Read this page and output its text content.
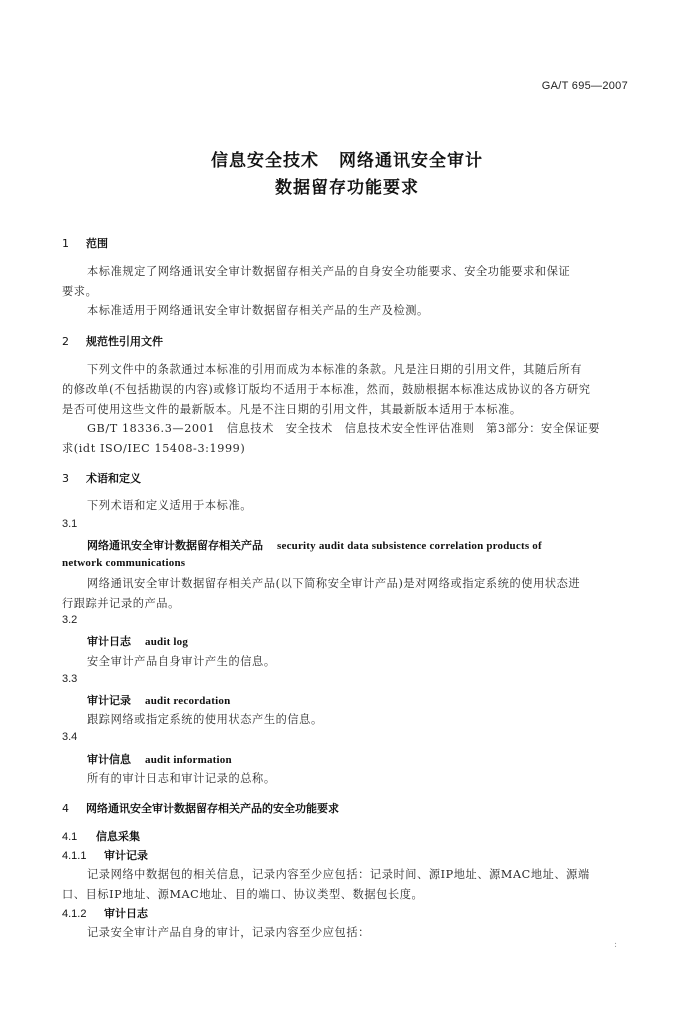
GA/T 695—2007
信息安全技术 网络通讯安全审计
数据留存功能要求
1 范围
本标准规定了网络通讯安全审计数据留存相关产品的自身安全功能要求、安全功能要求和保证
要求。
本标准适用于网络通讯安全审计数据留存相关产品的生产及检测。
2 规范性引用文件
下列文件中的条款通过本标准的引用而成为本标准的条款。凡是注日期的引用文件，其随后所有
的修改单(不包括勘误的内容)或修订版均不适用于本标准，然而，鼓励根据本标准达成协议的各方研究
是否可使用这些文件的最新版本。凡是不注日期的引用文件，其最新版本适用于本标准。
GB/T 18336.3—2001　信息技术　安全技术　信息技术安全性评估准则　第3部分：安全保证要
求(idt ISO/IEC 15408-3:1999)
3 术语和定义
下列术语和定义适用于本标准。
3.1
网络通讯安全审计数据留存相关产品 security audit data subsistence correlation products of
network communications
网络通讯安全审计数据留存相关产品(以下简称安全审计产品)是对网络或指定系统的使用状态进
行跟踪并记录的产品。
3.2
审计日志 audit log
安全审计产品自身审计产生的信息。
3.3
审计记录 audit recordation
跟踪网络或指定系统的使用状态产生的信息。
3.4
审计信息 audit information
所有的审计日志和审计记录的总称。
4 网络通讯安全审计数据留存相关产品的安全功能要求
4.1 信息采集
4.1.1 审计记录
记录网络中数据包的相关信息，记录内容至少应包括：记录时间、源IP地址、源MAC地址、源端
口、目标IP地址、源MAC地址、目的端口、协议类型、数据包长度。
4.1.2 审计日志
记录安全审计产品自身的审计，记录内容至少应包括：
:
